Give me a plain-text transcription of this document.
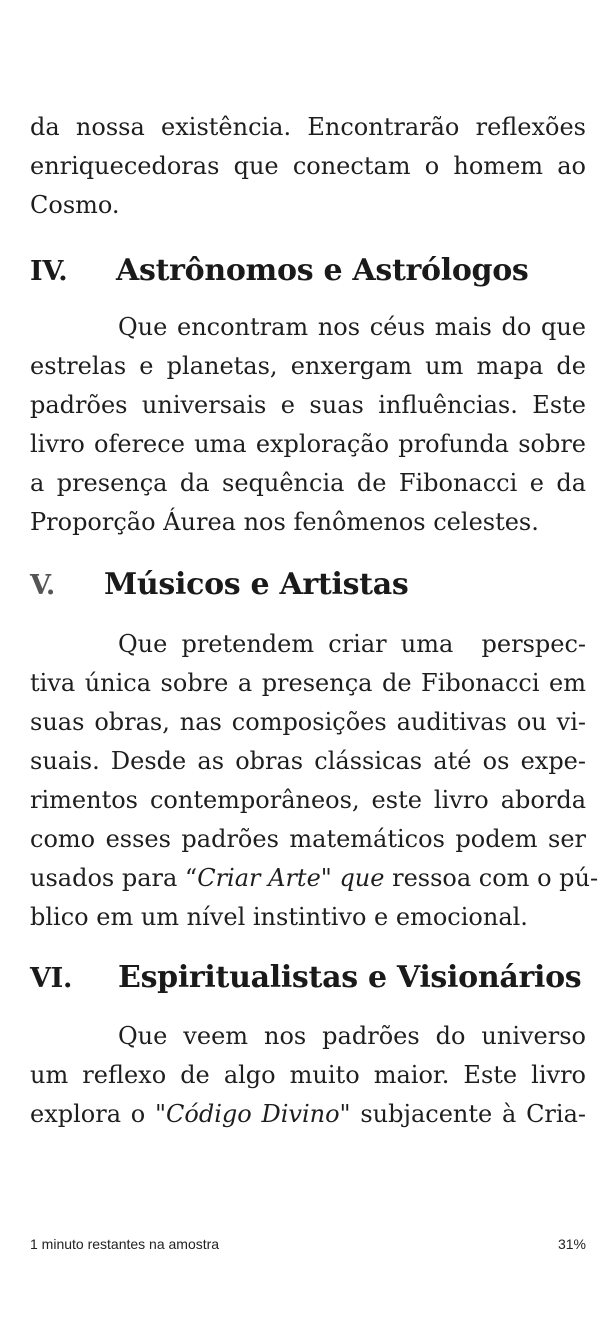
da nossa existência. Encontrarão reflexões
enriquecedoras que conectam o homem ao
Cosmo.

IV.	Astrônomos e Astrólogos

Que encontram nos céus mais do que
estrelas e planetas, enxergam um mapa de
padrões universais e suas influências. Este
livro oferece uma exploração profunda sobre
a presença da sequência de Fibonacci e da
Proporção Áurea nos fenômenos celestes.

V.	Músicos e Artistas

Que pretendem criar uma  perspec-
tiva única sobre a presença de Fibonacci em
suas obras, nas composições auditivas ou vi-
suais. Desde as obras clássicas até os expe-
rimentos contemporâneos, este livro aborda
como esses padrões matemáticos podem ser
usados para “Criar Arte" que ressoa com o pú-
blico em um nível instintivo e emocional.

VI.	Espiritualistas e Visionários

Que veem nos padrões do universo
um reflexo de algo muito maior. Este livro
explora o "Código Divino" subjacente à Cria-

1 minuto restantes na amostra	31%
